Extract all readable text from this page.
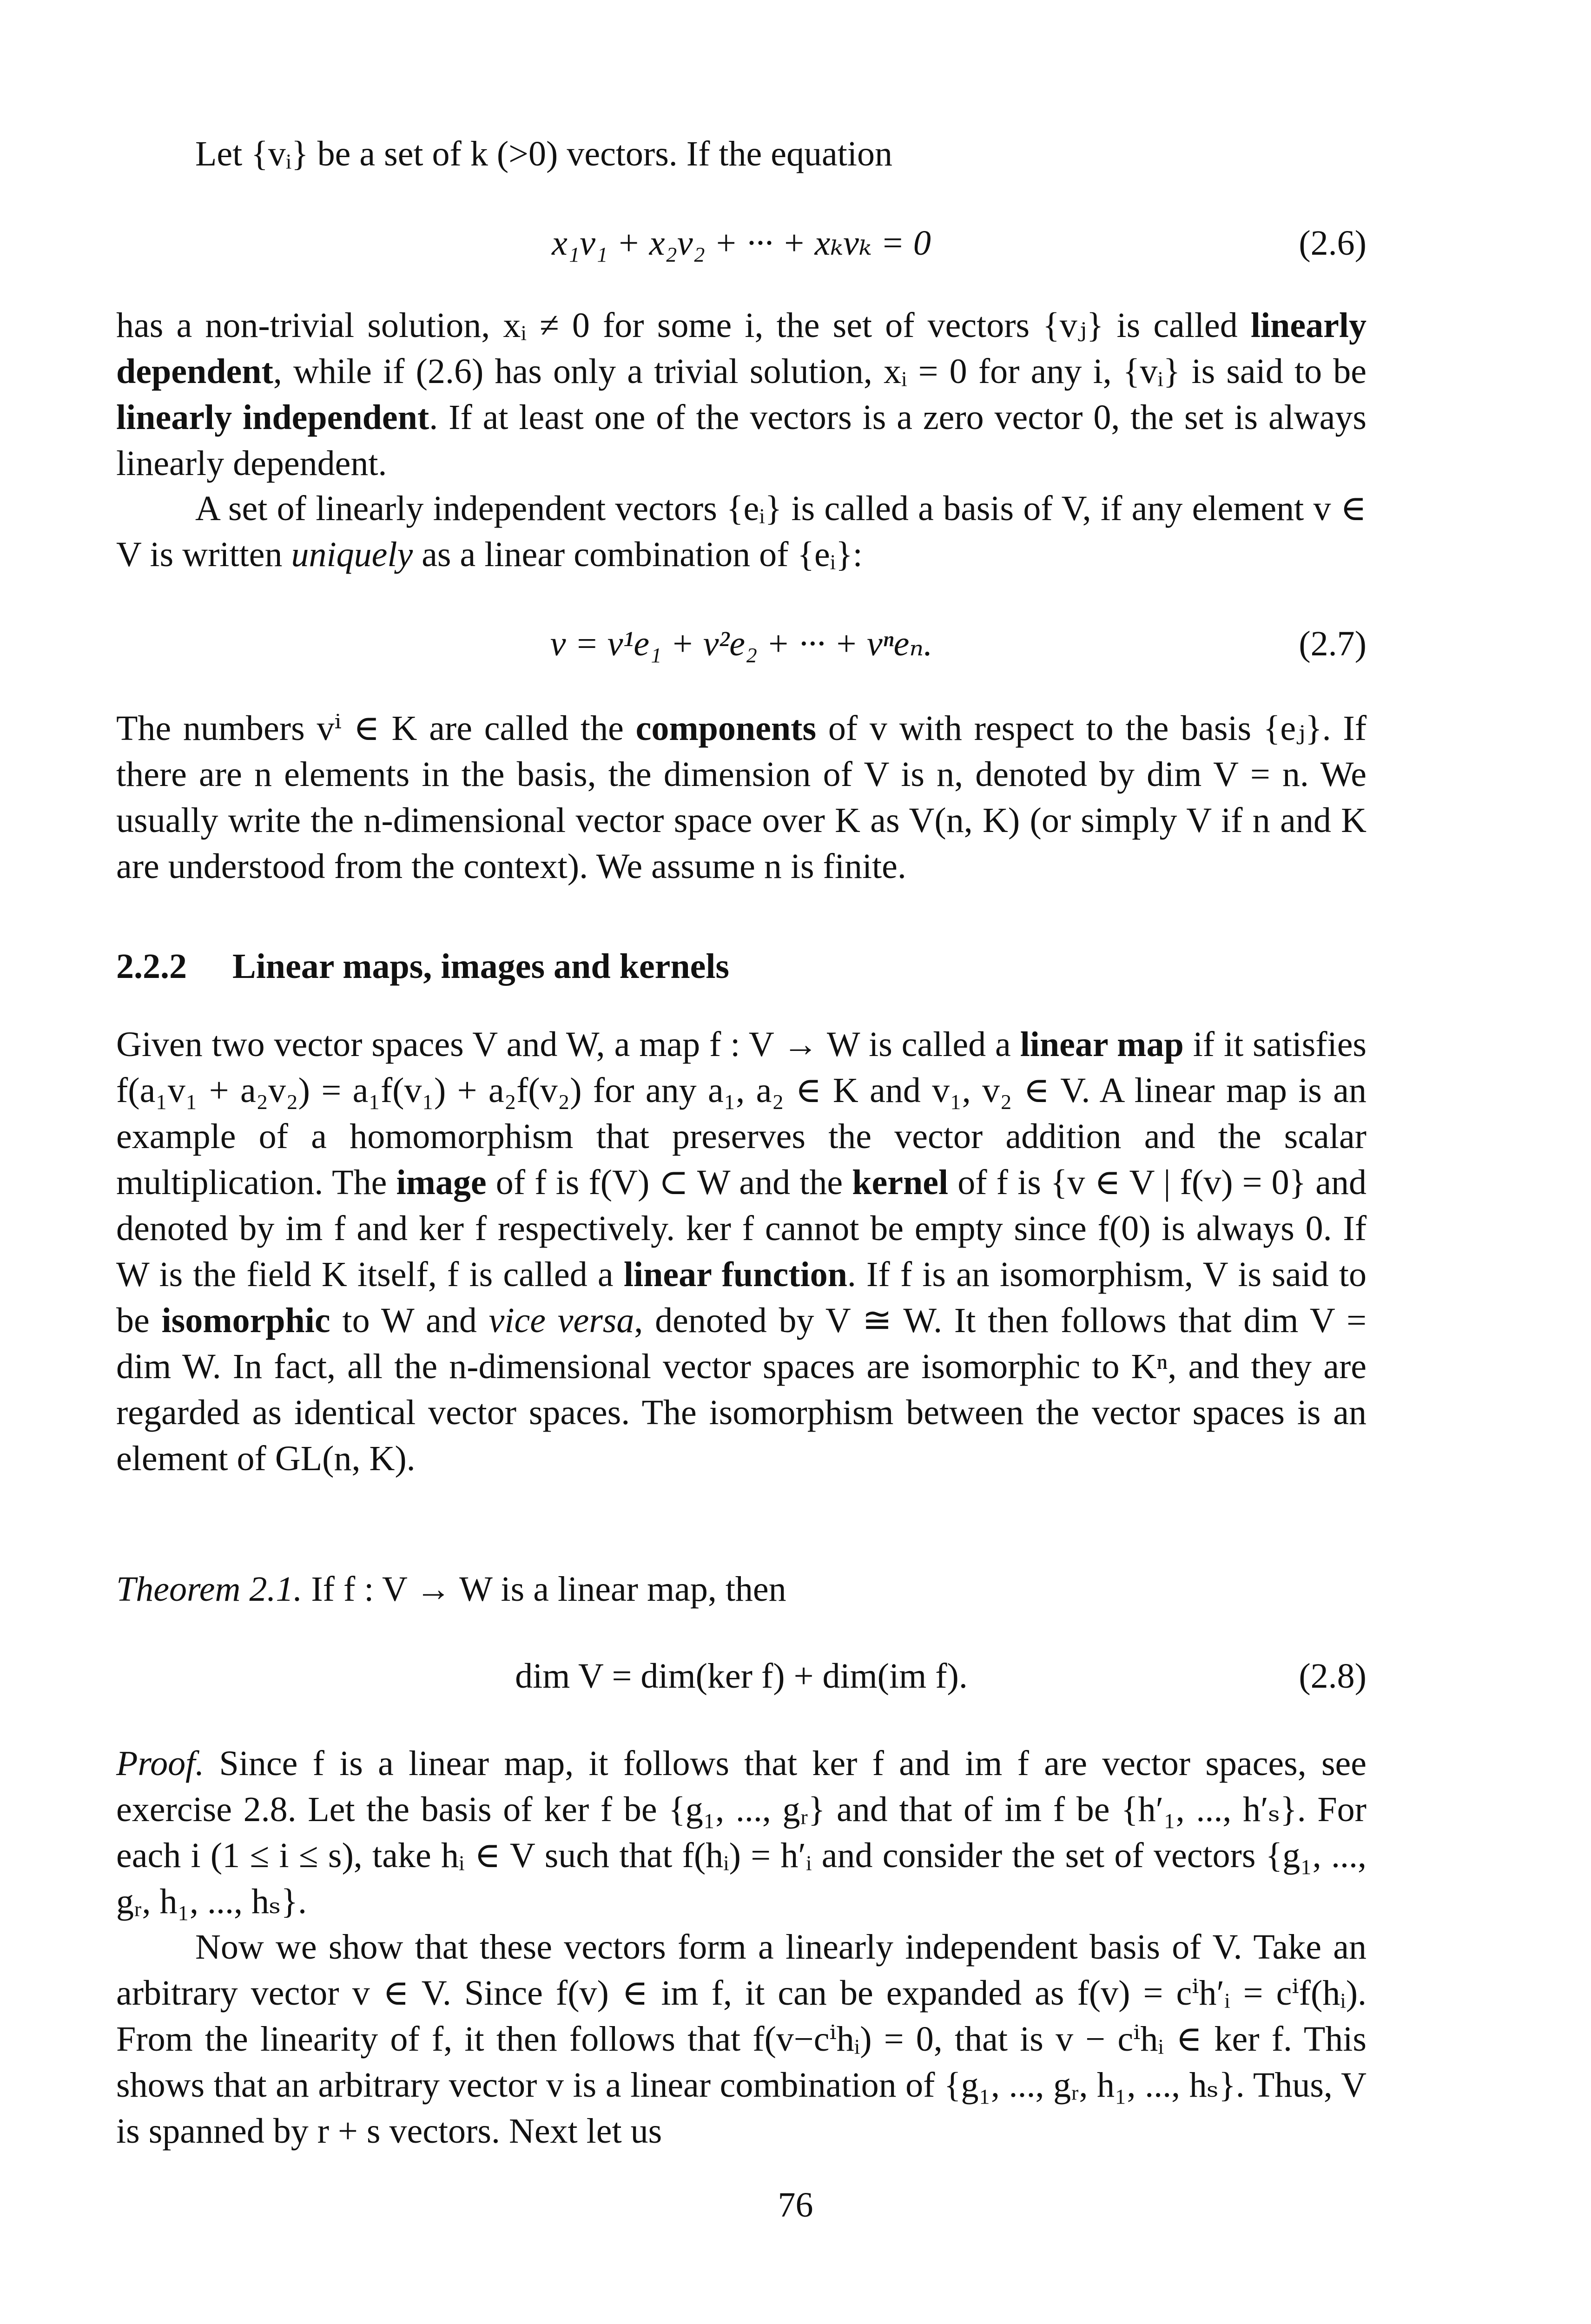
Let {vᵢ} be a set of k (>0) vectors. If the equation

x₁v₁ + x₂v₂ + ··· + xₖvₖ = 0	(2.6)

has a non-trivial solution, xᵢ ≠ 0 for some i, the set of vectors {vⱼ} is called linearly dependent, while if (2.6) has only a trivial solution, xᵢ = 0 for any i, {vᵢ} is said to be linearly independent. If at least one of the vectors is a zero vector 0, the set is always linearly dependent.

A set of linearly independent vectors {eᵢ} is called a basis of V, if any element v ∈ V is written uniquely as a linear combination of {eᵢ}:

v = v¹e₁ + v²e₂ + ··· + vⁿeₙ.	(2.7)

The numbers vⁱ ∈ K are called the components of v with respect to the basis {eⱼ}. If there are n elements in the basis, the dimension of V is n, denoted by dim V = n. We usually write the n-dimensional vector space over K as V(n, K) (or simply V if n and K are understood from the context). We assume n is finite.

2.2.2 Linear maps, images and kernels

Given two vector spaces V and W, a map f : V → W is called a linear map if it satisfies f(a₁v₁ + a₂v₂) = a₁f(v₁) + a₂f(v₂) for any a₁, a₂ ∈ K and v₁, v₂ ∈ V. A linear map is an example of a homomorphism that preserves the vector addition and the scalar multiplication. The image of f is f(V) ⊂ W and the kernel of f is {v ∈ V | f(v) = 0} and denoted by im f and ker f respectively. ker f cannot be empty since f(0) is always 0. If W is the field K itself, f is called a linear function. If f is an isomorphism, V is said to be isomorphic to W and vice versa, denoted by V ≅ W. It then follows that dim V = dim W. In fact, all the n-dimensional vector spaces are isomorphic to Kⁿ, and they are regarded as identical vector spaces. The isomorphism between the vector spaces is an element of GL(n, K).

Theorem 2.1. If f : V → W is a linear map, then

dim V = dim(ker f) + dim(im f).	(2.8)

Proof. Since f is a linear map, it follows that ker f and im f are vector spaces, see exercise 2.8. Let the basis of ker f be {g₁, ..., gᵣ} and that of im f be {h′₁, ..., h′ₛ}. For each i (1 ≤ i ≤ s), take hᵢ ∈ V such that f(hᵢ) = h′ᵢ and consider the set of vectors {g₁, ..., gᵣ, h₁, ..., hₛ}.

Now we show that these vectors form a linearly independent basis of V. Take an arbitrary vector v ∈ V. Since f(v) ∈ im f, it can be expanded as f(v) = cⁱh′ᵢ = cⁱf(hᵢ). From the linearity of f, it then follows that f(v−cⁱhᵢ) = 0, that is v − cⁱhᵢ ∈ ker f. This shows that an arbitrary vector v is a linear combination of {g₁, ..., gᵣ, h₁, ..., hₛ}. Thus, V is spanned by r + s vectors. Next let us

76
